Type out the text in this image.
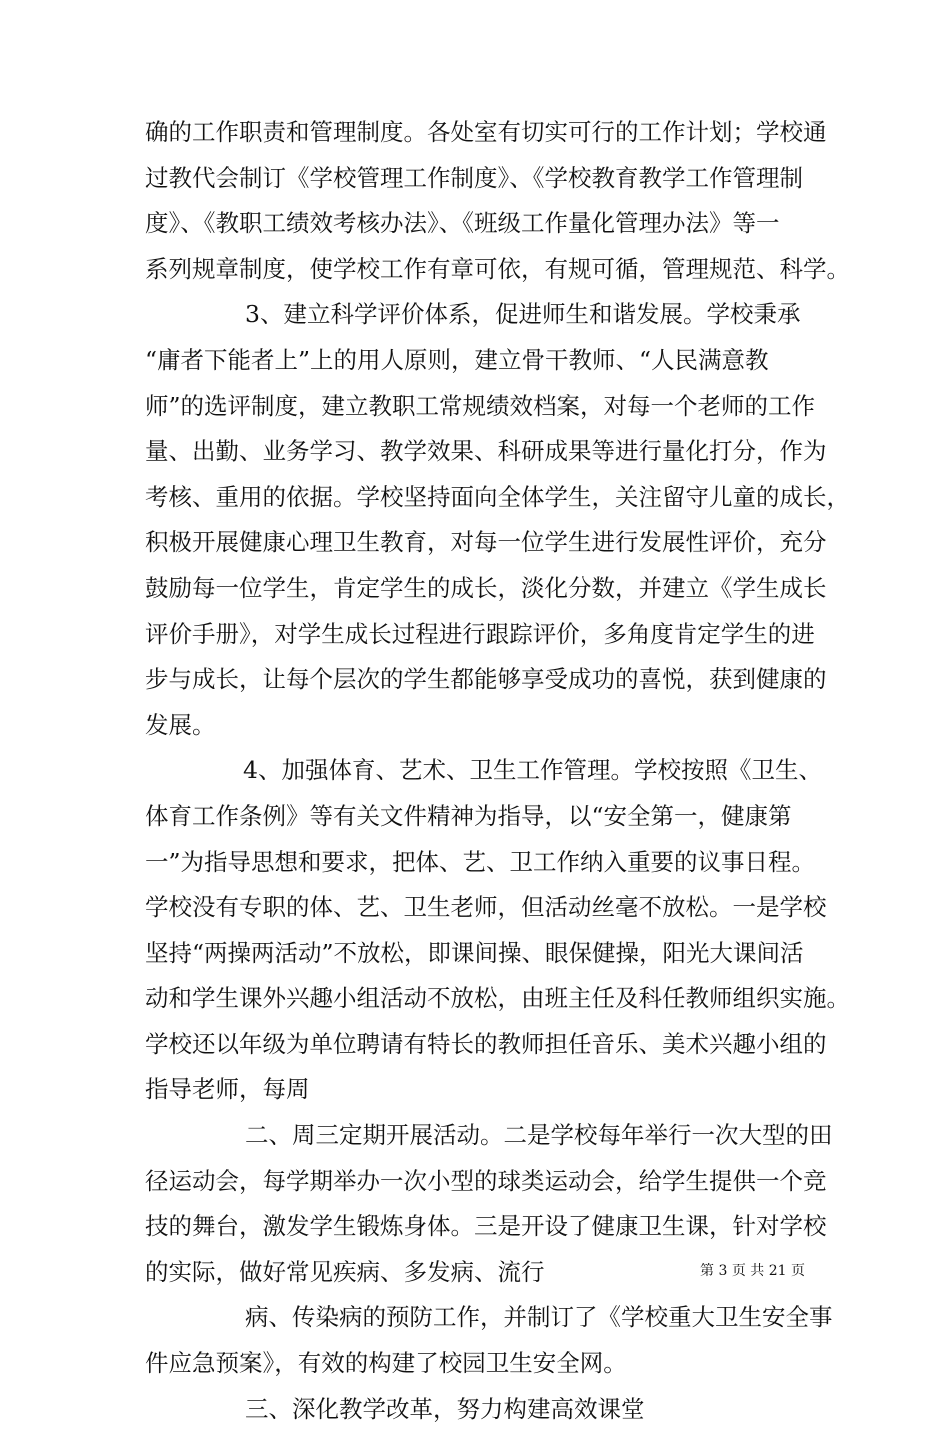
确的工作职责和管理制度。各处室有切实可行的工作计划；学校通
过教代会制订《学校管理工作制度》、《学校教育教学工作管理制
度》、《教职工绩效考核办法》、《班级工作量化管理办法》等一
系列规章制度，使学校工作有章可依，有规可循，管理规范、科学。
3、建立科学评价体系，促进师生和谐发展。学校秉承
“庸者下能者上”上的用人原则，建立骨干教师、“人民满意教
师”的选评制度，建立教职工常规绩效档案，对每一个老师的工作
量、出勤、业务学习、教学效果、科研成果等进行量化打分，作为
考核、重用的依据。学校坚持面向全体学生，关注留守儿童的成长，
积极开展健康心理卫生教育，对每一位学生进行发展性评价，充分
鼓励每一位学生，肯定学生的成长，淡化分数，并建立《学生成长
评价手册》，对学生成长过程进行跟踪评价，多角度肯定学生的进
步与成长，让每个层次的学生都能够享受成功的喜悦，获到健康的
发展。
4、加强体育、艺术、卫生工作管理。学校按照《卫生、
体育工作条例》等有关文件精神为指导，以“安全第一，健康第
一”为指导思想和要求，把体、艺、卫工作纳入重要的议事日程。
学校没有专职的体、艺、卫生老师，但活动丝毫不放松。一是学校
坚持“两操两活动”不放松，即课间操、眼保健操，阳光大课间活
动和学生课外兴趣小组活动不放松，由班主任及科任教师组织实施。
学校还以年级为单位聘请有特长的教师担任音乐、美术兴趣小组的
指导老师，每周
二、周三定期开展活动。二是学校每年举行一次大型的田
径运动会，每学期举办一次小型的球类运动会，给学生提供一个竞
技的舞台，激发学生锻炼身体。三是开设了健康卫生课，针对学校
的实际，做好常见疾病、多发病、流行
病、传染病的预防工作，并制订了《学校重大卫生安全事
件应急预案》，有效的构建了校园卫生安全网。
三、深化教学改革，努力构建高效课堂
第 3 页 共 21 页
